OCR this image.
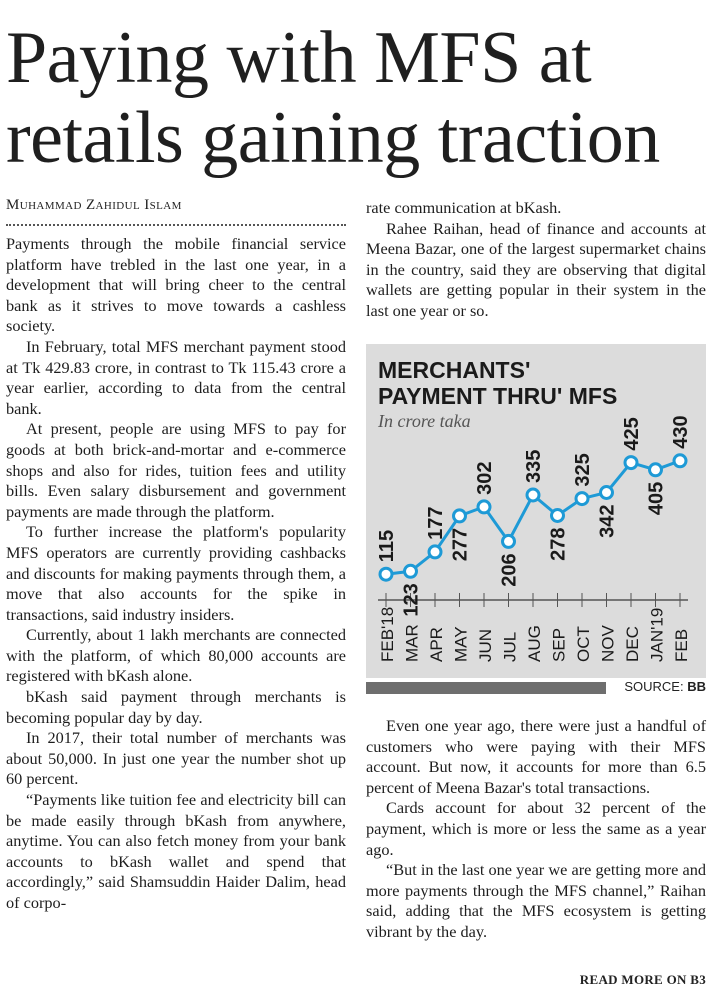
Paying with MFS at retails gaining traction
Muhammad Zahidul Islam

Payments through the mobile financial service platform have trebled in the last one year, in a development that will bring cheer to the central bank as it strives to move towards a cashless society.

In February, total MFS merchant payment stood at Tk 429.83 crore, in contrast to Tk 115.43 crore a year earlier, according to data from the central bank.

At present, people are using MFS to pay for goods at both brick-and-mortar and e-commerce shops and also for rides, tuition fees and utility bills. Even salary disbursement and government payments are made through the platform.

To further increase the platform's popularity MFS operators are currently providing cashbacks and discounts for making payments through them, a move that also accounts for the spike in transactions, said industry insiders.

Currently, about 1 lakh merchants are connected with the platform, of which 80,000 accounts are registered with bKash alone.

bKash said payment through merchants is becoming popular day by day.

In 2017, their total number of merchants was about 50,000. In just one year the number shot up 60 percent.

“Payments like tuition fee and electricity bill can be made easily through bKash from anywhere, anytime. You can also fetch money from your bank accounts to bKash wallet and spend that accordingly,” said Shamsuddin Haider Dalim, head of corpo-

rate communication at bKash.

Rahee Raihan, head of finance and accounts at Meena Bazar, one of the largest supermarket chains in the country, said they are observing that digital wallets are getting popular in their system in the last one year or so.

MERCHANTS'
PAYMENT THRU' MFS
In crore taka
FEB'18 MAR APR MAY JUN JUL AUG SEP OCT NOV DEC JAN'19 FEB
115
123
177
277
302
206
335
278
325
342
425
405
430
SOURCE: BB

Even one year ago, there were just a handful of customers who were paying with their MFS account. But now, it accounts for more than 6.5 percent of Meena Bazar's total transactions.

Cards account for about 32 percent of the payment, which is more or less the same as a year ago.

“But in the last one year we are getting more and more payments through the MFS channel,” Raihan said, adding that the MFS ecosystem is getting vibrant by the day.

READ MORE ON B3
